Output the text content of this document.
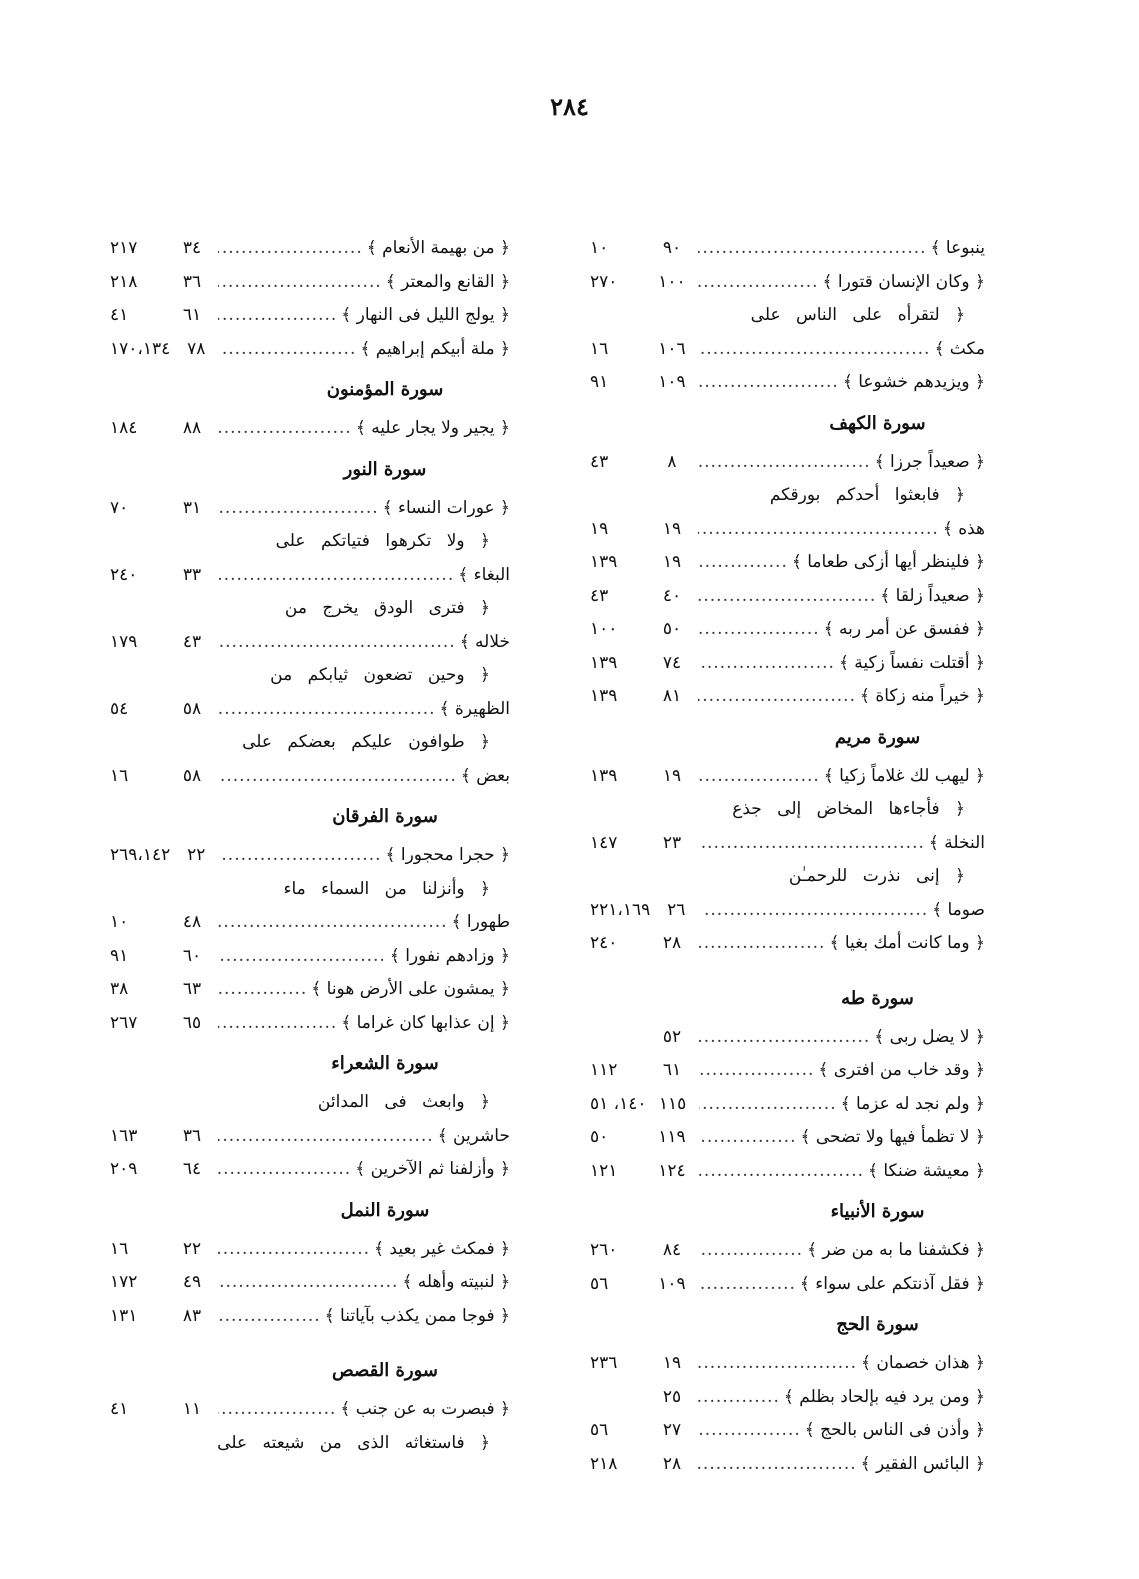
٢٨٤
ينبوعا ﴾
.....
٩٠
١٠
﴿ وكان الإنسان قتورا ﴾
.....
١٠٠
٢٧٠
﴿ لتقرأه على الناس على
مكث ﴾
.....
١٠٦
١٦
﴿ ويزيدهم خشوعا ﴾
.....
١٠٩
٩١
سورة الكهف
﴿ صعيداً جرزا ﴾
.....
٨
٤٣
﴿ فابعثوا أحدكم بورقكم
هذه ﴾
.....
١٩
١٩
﴿ فلينظر أيها أزكى طعاما ﴾
.....
١٩
١٣٩
﴿ صعيداً زلقا ﴾
.....
٤٠
٤٣
﴿ ففسق عن أمر ربه ﴾
.....
٥٠
١٠٠
﴿ أقتلت نفساً زكية ﴾
.....
٧٤
١٣٩
﴿ خيراً منه زكاة ﴾
.....
٨١
١٣٩
سورة مريم
﴿ ليهب لك غلاماً زكيا ﴾
.....
١٩
١٣٩
﴿ فأجاءها المخاض إلى جذع
النخلة ﴾
.....
٢٣
١٤٧
﴿ إنى نذرت للرحمـٰن
صوما ﴾
.....
٢٦
٢٢١،١٦٩
﴿ وما كانت أمك بغيا ﴾
.....
٢٨
٢٤٠
سورة طه
﴿ لا يضل ربى ﴾
.....
٥٢
﴿ وقد خاب من افترى ﴾
.....
٦١
١١٢
﴿ ولم نجد له عزما ﴾
.....
١١٥
١٤٠، ٥١
﴿ لا تظمأ فيها ولا تضحى ﴾
.....
١١٩
٥٠
﴿ معيشة ضنكا ﴾
.....
١٢٤
١٢١
سورة الأنبياء
﴿ فكشفنا ما به من ضر ﴾
.....
٨٤
٢٦٠
﴿ فقل آذنتكم على سواء ﴾
.....
١٠٩
٥٦
سورة الحج
﴿ هذان خصمان ﴾
.....
١٩
٢٣٦
﴿ ومن يرد فيه بإلحاد بظلم ﴾
.....
٢٥
﴿ وأذن فى الناس بالحج ﴾
.....
٢٧
٥٦
﴿ البائس الفقير ﴾
.....
٢٨
٢١٨
﴿ من بهيمة الأنعام ﴾
.....
٣٤
٢١٧
﴿ القانع والمعتر ﴾
.....
٣٦
٢١٨
﴿ يولج الليل فى النهار ﴾
.....
٦١
٤١
﴿ ملة أبيكم إبراهيم ﴾
.....
٧٨
١٧٠،١٣٤
سورة المؤمنون
﴿ يجير ولا يجار عليه ﴾
.....
٨٨
١٨٤
سورة النور
﴿ عورات النساء ﴾
.....
٣١
٧٠
﴿ ولا تكرهوا فتياتكم على
البغاء ﴾
.....
٣٣
٢٤٠
﴿ فترى الودق يخرج من
خلاله ﴾
.....
٤٣
١٧٩
﴿ وحين تضعون ثيابكم من
الظهيرة ﴾
.....
٥٨
٥٤
﴿ طوافون عليكم بعضكم على
بعض ﴾
.....
٥٨
١٦
سورة الفرقان
﴿ حجرا محجورا ﴾
.....
٢٢
٢٦٩،١٤٢
﴿ وأنزلنا من السماء ماء
طهورا ﴾
.....
٤٨
١٠
﴿ وزادهم نفورا ﴾
.....
٦٠
٩١
﴿ يمشون على الأرض هونا ﴾
.....
٦٣
٣٨
﴿ إن عذابها كان غراما ﴾
.....
٦٥
٢٦٧
سورة الشعراء
﴿ وابعث فى المدائن
حاشرين ﴾
.....
٣٦
١٦٣
﴿ وأزلفنا ثم الآخرين ﴾
.....
٦٤
٢٠٩
سورة النمل
﴿ فمكث غير بعيد ﴾
.....
٢٢
١٦
﴿ لنبيته وأهله ﴾
.....
٤٩
١٧٢
﴿ فوجا ممن يكذب بآياتنا ﴾
.....
٨٣
١٣١
سورة القصص
﴿ فبصرت به عن جنب ﴾
.....
١١
٤١
﴿ فاستغاثه الذى من شيعته على
